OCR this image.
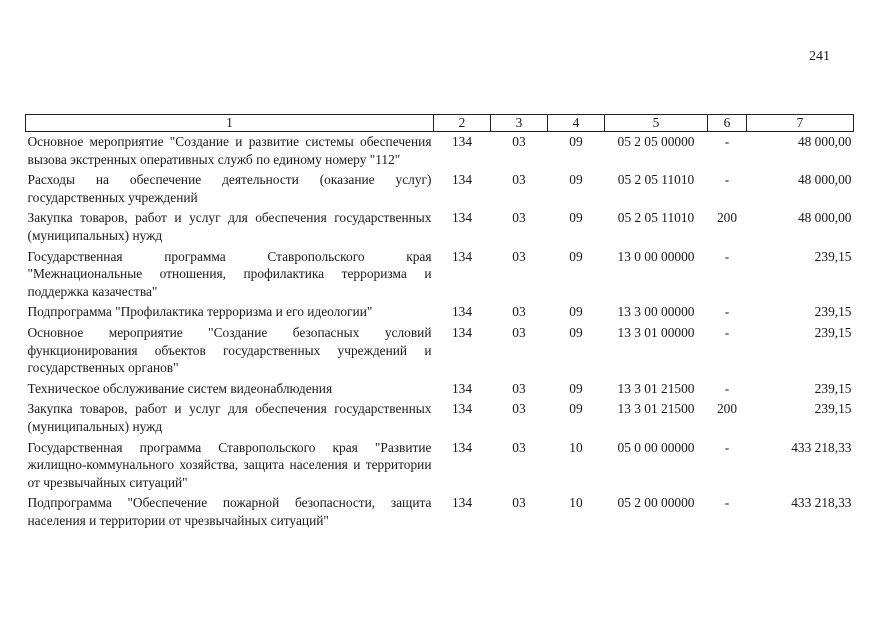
241
1	2	3	4	5	6	7
Основное мероприятие "Создание и развитие системы обеспечения вызова экстренных оперативных служб по единому номеру "112"	134	03	09	05 2 05 00000	-	48 000,00
Расходы на обеспечение деятельности (оказание услуг) государственных учреждений	134	03	09	05 2 05 11010	-	48 000,00
Закупка товаров, работ и услуг для обеспечения государственных (муниципальных) нужд	134	03	09	05 2 05 11010	200	48 000,00
Государственная программа Ставропольского края "Межнациональные отношения, профилактика терроризма и поддержка казачества"	134	03	09	13 0 00 00000	-	239,15
Подпрограмма "Профилактика терроризма и его идеологии"	134	03	09	13 3 00 00000	-	239,15
Основное мероприятие "Создание безопасных условий функционирования объектов государственных учреждений и государственных органов"	134	03	09	13 3 01 00000	-	239,15
Техническое обслуживание систем видеонаблюдения	134	03	09	13 3 01 21500	-	239,15
Закупка товаров, работ и услуг для обеспечения государственных (муниципальных) нужд	134	03	09	13 3 01 21500	200	239,15
Государственная программа Ставропольского края "Развитие жилищно-коммунального хозяйства, защита населения и территории от чрезвычайных ситуаций"	134	03	10	05 0 00 00000	-	433 218,33
Подпрограмма "Обеспечение пожарной безопасности, защита населения и территории от чрезвычайных ситуаций"	134	03	10	05 2 00 00000	-	433 218,33
